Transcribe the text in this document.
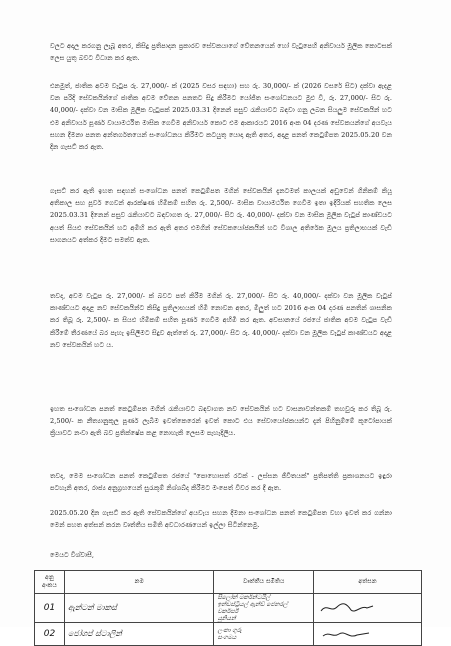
වලට අදාල කරගනු ලැබූ අතර, කිසිදු ප්‍රතිපාදන ප්‍රකාරව සේවකයාගේ වේතනයෙන් හෝ වැටුපෙහි අනිවාර්ය මූලික කොටසක් ලෙස යුතු බවට විධාන කර ඇත.

එනමුත්, ජාතික අවම වැටුප රු. 27,000/- ක් (2025 වසර සඳහා) සහ රු. 30,000/- ක් (2026 වසරේ සිට) දක්වා ඇදළ වන පරිදි සේවකයින්ගේ ජාතික අවම වේතන පනතට සිදු කිරීමට යෝජිත සංශෝධනයට මුළු වී, රු. 27,000/- සිට රු. 40,000/- දක්වා වන මාසික මූලික වැටුපක් 2025.03.31 දිනෙන් පසුව රැකියාවට බඳවා ගනු ලබන සියලුම සේවකයින් හට එම අනිවාර්ය පූර්ණ වායාමර්ථිත මාසික ගෙවීම අනිවාර්ය කොට එම ආකාරයට 2016 අංක 04 දරණ සේවකයන්ගේ අයවැය සහන දීමනා පනත අන්තර්ගතයෙන් සංශෝධනය කිරීමට කටයුතු යොදා ඇති අතර, අදාළ පනත් කෙටුම්පත 2025.05.20 වන දින ගැසට් කර ඇත.

ගැසට් කර ඇති ඉහත සඳහන් සංශෝධන පනත් කෙටුම්පත මගින් සේවකයින් දැනටමත් කාලයක් අඩුවෙන් ගිනිකම් කියූ අතිකාල සහ පූර්ව ගෙවන් ආරක්ෂණ හිමිකම් සහිත රු. 2,500/- මාසික වායාමර්ථිත ගෙවීම ඉතා ඉදිරියක් සහතික ලෙස 2025.03.31 දිනෙන් පසුව රැකියාවට බඳවාගත රු. 27,000/- සිට රු. 40,000/- දක්වා වන මාසික මූලික වැටුප් කාණ්ඩයට අයත් සියළු සේවකයින් හට අමිහි කර ඇති අතර එමගින් සේවකයෝජකයින් හට විශාල අතිරේක මූලය ප්‍රතිලාභයක් වැඩි සාගනයට අත්කර දීමට සමත්ව ඇත.

තවද, අවම වැටුප රු. 27,000/- ක් බවට පත් කිරීම මගින් රු. 27,000/- සිට රු. 40,000/- දක්වා වන මූලික වැටුප් කාණ්ඩයට අදාළ නව සේවකයින්ට කිසිදු ප්‍රතිලාභයක් හිමි නොවන අතර, මිලුත් හට 2016 අංක 04 දරණ පනතින් ශාසනික කර තිබූ රු. 2,500/- ක සියළු හිමිකම් සහිත පූර්ණ ගෙවීම අහිමි කර ඇත. අවසානයේ රජයේ ජාතික අවම වැටුප වැඩි කිරීමේ තීරණයේ බර පැහැ ඉසිලීමට සිදුව ඇත්තේ රු. 27,000/- සිට රු. 40,000/- දක්වා වන මූලික වැටුප් කාණ්ඩයට අදාළ නව සේවකයින් හට ය.

ඉහත සංශෝධන පනත් කෙටුම්පත මගින් රැකියාවට බඳවාගත නව සේවකයින් හට වාසනාවන්තකම් තහවුරු කර තිබූ රු. 2,500/- ක නීත්‍යානුකූල පූර්ණ ලැබීම ඉවත්කෙරෙන් ඉවත් කොට එය සේවායෝජකයන්ට දැන් පිහිනුම්මේ කූටෝපායක් ක්‍රියාවට නංවා ඇති බව ප්‍රතික්ෂේප කළ නොහැකි ලෙසම පැහැදිලිය.

තවද, මෙම සංශෝධන පනත් කෙටුම්පත රජයේ "පොහොසත් රටක් - ලස්සන ජීවිතයක්" ප්‍රතිපත්ති ප්‍රකාශනයට ඉඳුරා පටහැනි අතර, රාජ්‍ය අනුග්‍රහයෙන් සුරැකුම් නිශ්ශබ්ද කිරීමට මංපෙත් විවර කර දී ඇත.

2025.05.20 දින ගැසට් කර ඇති සේවකයින්ගේ අයවැය සහන දීමනා සංශෝධන පනත් කෙටුම්පත වහා ඉවත් කර ගන්නා මෙන් පහත අත්සන් කරන වෘත්තීය සමිති අවධාරණයෙන් ඉල්ලා සිටින්නෙමු.

මෙයට විශ්වාසී,

අනු අංකය	නම	වෘත්තීය සමිතිය	අත්සන
01	ඇන්ටන් මාකස්	සිලෝන් මර්කන්ටයිල්
ඉන්ඩස්ට්‍රියල් ඇන්ඩ් ජෙනරල් වර්කර්ස්
යූනියන්

02	ජෝශප් ස්ටාලින්	ලංකා ගුරු
සංගමය
